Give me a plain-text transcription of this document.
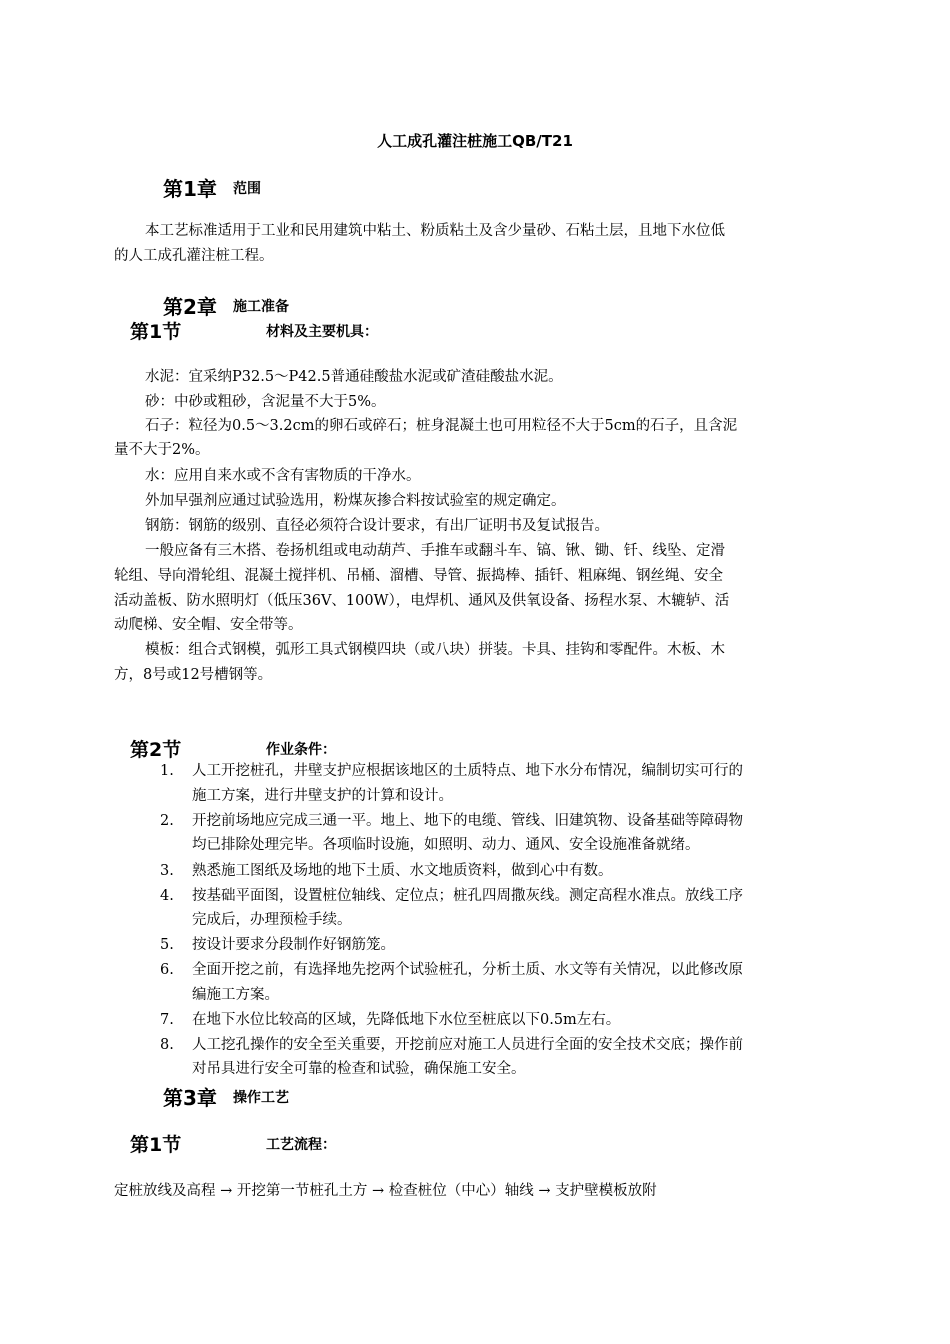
人工成孔灌注桩施工QB/T21
第1章 范围
本工艺标准适用于工业和民用建筑中粘土、粉质粘土及含少量砂、石粘土层，且地下水位低
的人工成孔灌注桩工程。
第2章 施工准备
第1节	材料及主要机具：
水泥：宜采纳P32.5～P42.5普通硅酸盐水泥或矿渣硅酸盐水泥。
砂：中砂或粗砂，含泥量不大于5%。
石子：粒径为0.5～3.2cm的卵石或碎石；桩身混凝土也可用粒径不大于5cm的石子，且含泥
量不大于2%。
水：应用自来水或不含有害物质的干净水。
外加早强剂应通过试验选用，粉煤灰掺合料按试验室的规定确定。
钢筋：钢筋的级别、直径必须符合设计要求，有出厂证明书及复试报告。
一般应备有三木搭、卷扬机组或电动葫芦、手推车或翻斗车、镐、锹、锄、钎、线坠、定滑
轮组、导向滑轮组、混凝土搅拌机、吊桶、溜槽、导管、振捣棒、插钎、粗麻绳、钢丝绳、安全
活动盖板、防水照明灯（低压36V、100W），电焊机、通风及供氧设备、扬程水泵、木辘轳、活
动爬梯、安全帽、安全带等。
模板：组合式钢模，弧形工具式钢模四块（或八块）拼装。卡具、挂钩和零配件。木板、木
方，8号或12号槽钢等。
第2节	作业条件：
1. 人工开挖桩孔，井壁支护应根据该地区的土质特点、地下水分布情况，编制切实可行的
施工方案，进行井壁支护的计算和设计。
2. 开挖前场地应完成三通一平。地上、地下的电缆、管线、旧建筑物、设备基础等障碍物
均已排除处理完毕。各项临时设施，如照明、动力、通风、安全设施准备就绪。
3. 熟悉施工图纸及场地的地下土质、水文地质资料，做到心中有数。
4. 按基础平面图，设置桩位轴线、定位点；桩孔四周撒灰线。测定高程水准点。放线工序
完成后，办理预检手续。
5. 按设计要求分段制作好钢筋笼。
6. 全面开挖之前，有选择地先挖两个试验桩孔，分析土质、水文等有关情况，以此修改原
编施工方案。
7. 在地下水位比较高的区域，先降低地下水位至桩底以下0.5m左右。
8. 人工挖孔操作的安全至关重要，开挖前应对施工人员进行全面的安全技术交底；操作前
对吊具进行安全可靠的检查和试验，确保施工安全。
第3章 操作工艺
第1节	工艺流程：
定桩放线及高程 → 开挖第一节桩孔土方 → 检查桩位（中心）轴线 → 支护壁模板放附
